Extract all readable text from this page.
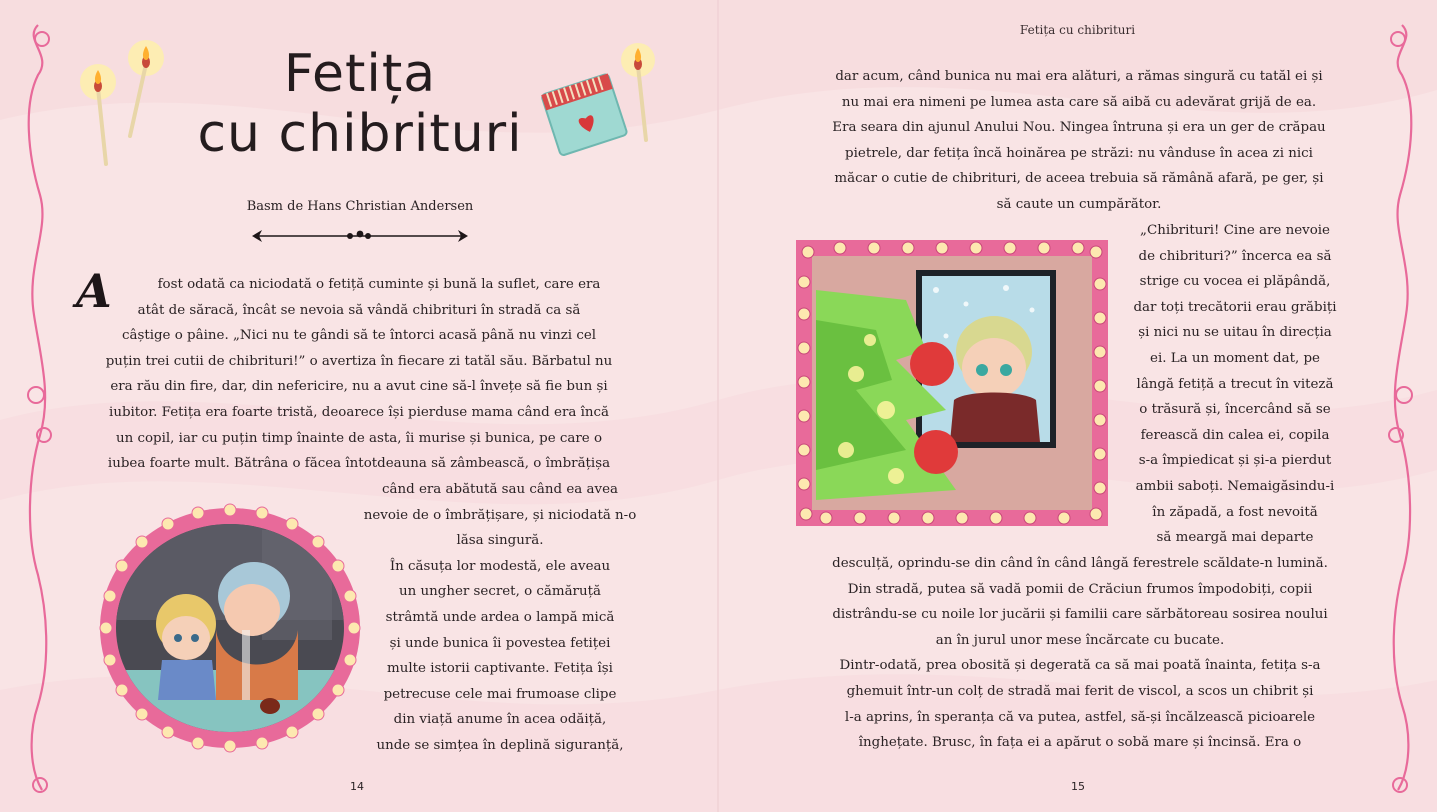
Fetița
cu chibrituri
Basm de Hans Christian Andersen
A	fost odată ca niciodată o fetiță cuminte și bună la suflet, care era
atât de săracă, încât se nevoia să vândă chibrituri în stradă ca să
câștige o pâine. „Nici nu te gândi să te întorci acasă până nu vinzi cel
puțin trei cutii de chibrituri!” o avertiza în fiecare zi tatăl său. Bărbatul nu
era rău din fire, dar, din nefericire, nu a avut cine să-l învețe să fie bun și
iubitor. Fetița era foarte tristă, deoarece își pierduse mama când era încă
un copil, iar cu puțin timp înainte de asta, îi murise și bunica, pe care o
iubea foarte mult. Bătrâna o făcea întotdeauna să zâmbească, o îmbrățișa
când era abătută sau când ea avea
nevoie de o îmbrățișare, și niciodată n-o
lăsa singură.
În căsuța lor modestă, ele aveau
un ungher secret, o cămăruță
strâmtă unde ardea o lampă mică
și unde bunica îi povestea fetiței
multe istorii captivante. Fetița își
petrecuse cele mai frumoase clipe
din viață anume în acea odăiță,
unde se simțea în deplină siguranță,
14
Fetița cu chibrituri
dar acum, când bunica nu mai era alături, a rămas singură cu tatăl ei și
nu mai era nimeni pe lumea asta care să aibă cu adevărat grijă de ea.
Era seara din ajunul Anului Nou. Ningea întruna și era un ger de crăpau
pietrele, dar fetița încă hoinărea pe străzi: nu vânduse în acea zi nici
măcar o cutie de chibrituri, de aceea trebuia să rămână afară, pe ger, și
să caute un cumpărător.
„Chibrituri! Cine are nevoie
de chibrituri?” încerca ea să
strige cu vocea ei plăpândă,
dar toți trecătorii erau grăbiți
și nici nu se uitau în direcția
ei. La un moment dat, pe
lângă fetiță a trecut în viteză
o trăsură și, încercând să se
ferească din calea ei, copila
s-a împiedicat și și-a pierdut
ambii saboți. Nemaigăsindu-i
în zăpadă, a fost nevoită
să meargă mai departe
desculță, oprindu-se din când în când lângă ferestrele scăldate-n lumină.
Din stradă, putea să vadă pomii de Crăciun frumos împodobiți, copii
distrându-se cu noile lor jucării și familii care sărbătoreau sosirea noului
an în jurul unor mese încărcate cu bucate.
Dintr-odată, prea obosită și degerată ca să mai poată înainta, fetița s-a
ghemuit într-un colț de stradă mai ferit de viscol, a scos un chibrit și
l-a aprins, în speranța că va putea, astfel, să-și încălzească picioarele
înghețate. Brusc, în fața ei a apărut o sobă mare și încinsă. Era o
15
